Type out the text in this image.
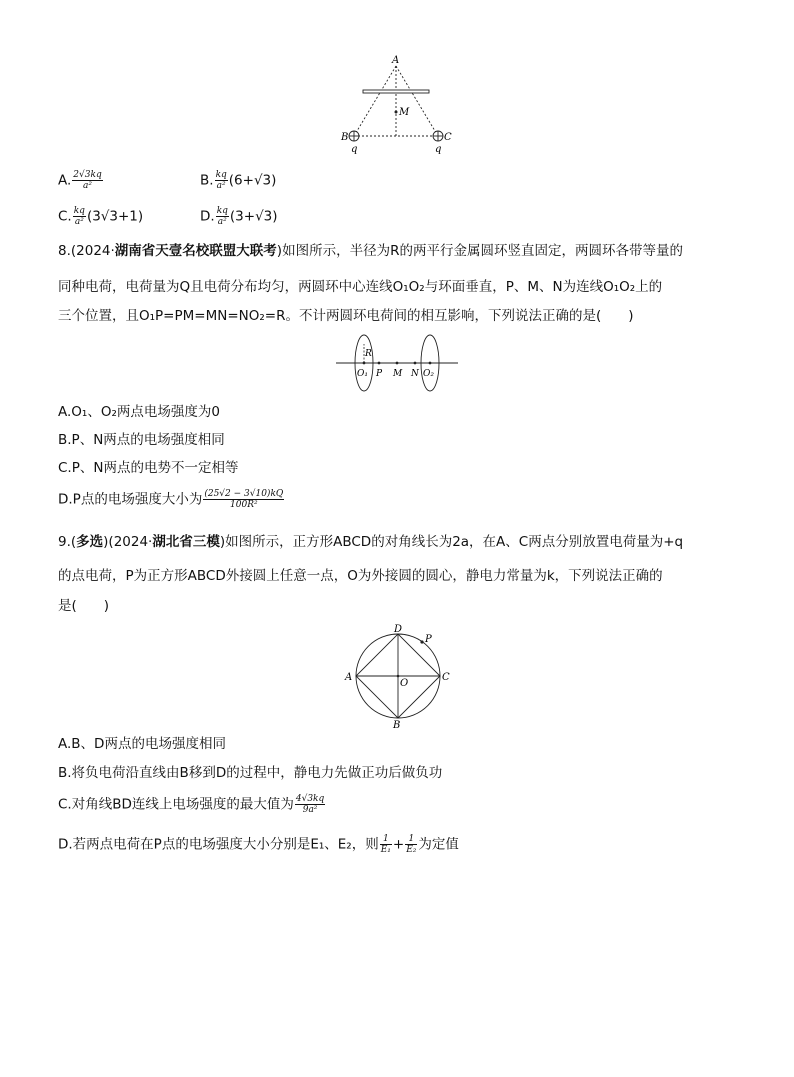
A
M
B	C
q	q
A. $\frac{2√3kq}{\text{a²}}$	B. $\frac{kq}{\text{a²}} (6+√3)$
C. $\frac{kq}{\text{a²}} (3√3+1)$	D. $\frac{kq}{\text{a²}} (3+√3)$
8.(2024·湖南省天壹名校联盟大联考)如图所示，半径为R的两平行金属圆环竖直固定，两圆环各带等量的
同种电荷，电荷量为Q且电荷分布均匀，两圆环中心连线O₁O₂与环面垂直，P、M、N为连线O₁O₂上的
三个位置，且O₁P=PM=MN=NO₂=R。不计两圆环电荷间的相互影响，下列说法正确的是(　　)
R
O₁ P M N O₂
A.O₁、O₂两点电场强度为0
B.P、N两点的电场强度相同
C.P、N两点的电势不一定相等
D.P点的电场强度大小为 $\frac{(25√2 - 3√10)kQ}{\text{100R²}}$
9.(多选)(2024·湖北省三模)如图所示，正方形ABCD的对角线长为2a，在A、C两点分别放置电荷量为+q
的点电荷，P为正方形ABCD外接圆上任意一点，O为外接圆的圆心，静电力常量为k，下列说法正确的
是(　　)
D
P
A	C
O
B
A.B、D两点的电场强度相同
B.将负电荷沿直线由B移到D的过程中，静电力先做正功后做负功
C.对角线BD连线上电场强度的最大值为 $\frac{4√3kq}{\text{9a²}}$
D.若两点电荷在P点的电场强度大小分别是E₁、E₂，则 $\frac{1}{\text{E₁}} + \frac{1}{\text{E₂}}$ 为定值
